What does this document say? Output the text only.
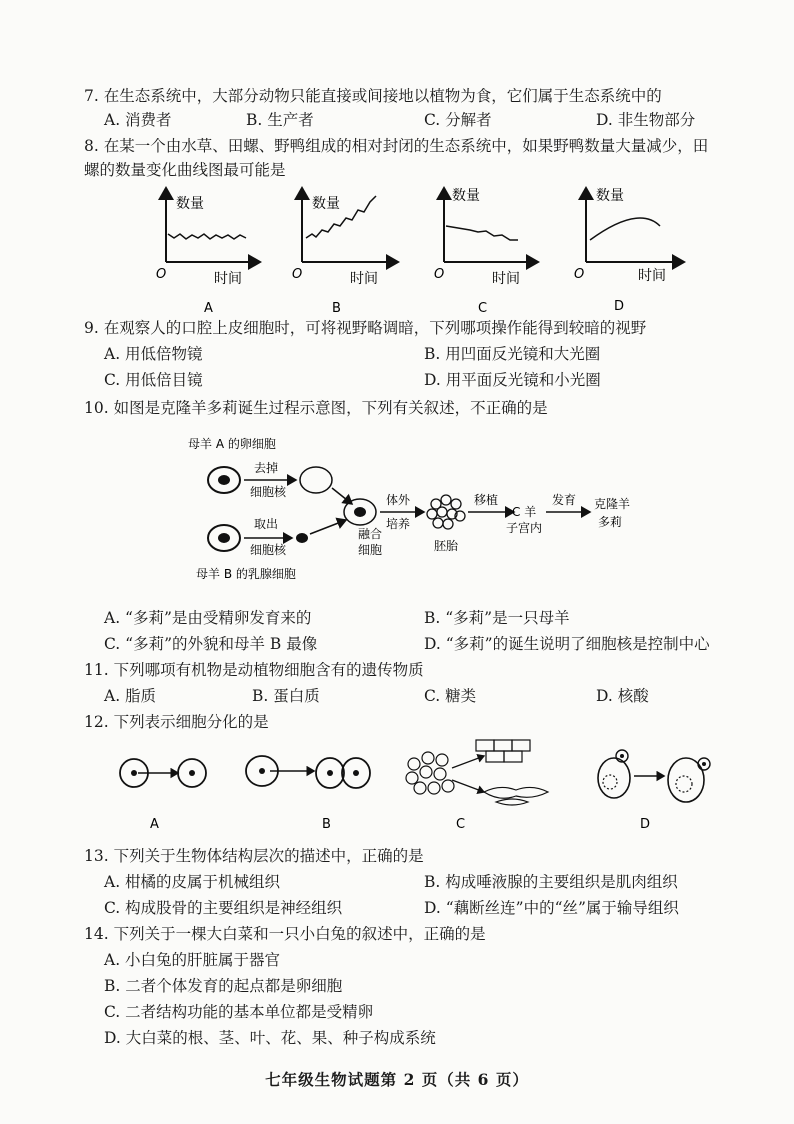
7. 在生态系统中，大部分动物只能直接或间接地以植物为食，它们属于生态系统中的
A. 消费者	B. 生产者	C. 分解者	D. 非生物部分
8. 在某一个由水草、田螺、野鸭组成的相对封闭的生态系统中，如果野鸭数量大量减少，田
螺的数量变化曲线图最可能是
数量
O	时间
A
数量
O	时间
B
数量
O	时间
C
数量
O	时间
D
9. 在观察人的口腔上皮细胞时，可将视野略调暗，下列哪项操作能得到较暗的视野
A. 用低倍物镜	B. 用凹面反光镜和大光圈
C. 用低倍目镜	D. 用平面反光镜和小光圈
10. 如图是克隆羊多莉诞生过程示意图，下列有关叙述，不正确的是
母羊 A 的卵细胞
去掉
细胞核
取出
细胞核
母羊 B 的乳腺细胞
融合
细胞
体外
培养
胚胎
移植
C 羊
子宫内
发育 克隆羊
多莉
A. “多莉”是由受精卵发育来的	B. “多莉”是一只母羊
C. “多莉”的外貌和母羊 B 最像	D. “多莉”的诞生说明了细胞核是控制中心
11. 下列哪项有机物是动植物细胞含有的遗传物质
A. 脂质	B. 蛋白质	C. 糖类	D. 核酸
12. 下列表示细胞分化的是
A	B	C	D
13. 下列关于生物体结构层次的描述中，正确的是
A. 柑橘的皮属于机械组织	B. 构成唾液腺的主要组织是肌肉组织
C. 构成股骨的主要组织是神经组织	D. “藕断丝连”中的“丝”属于输导组织
14. 下列关于一棵大白菜和一只小白兔的叙述中，正确的是
A. 小白兔的肝脏属于器官
B. 二者个体发育的起点都是卵细胞
C. 二者结构功能的基本单位都是受精卵
D. 大白菜的根、茎、叶、花、果、种子构成系统
七年级生物试题第 2 页（共 6 页）
